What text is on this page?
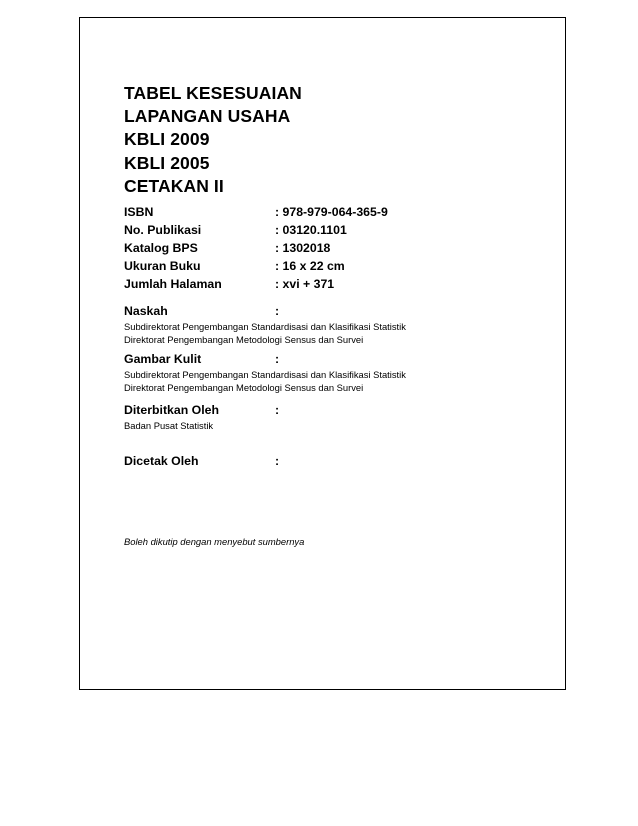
TABEL KESESUAIAN
LAPANGAN USAHA
KBLI 2009
KBLI 2005
CETAKAN II
ISBN	: 978-979-064-365-9
No. Publikasi	: 03120.1101
Katalog BPS	: 1302018
Ukuran Buku	: 16 x 22 cm
Jumlah Halaman	: xvi + 371
Naskah	:
Subdirektorat Pengembangan Standardisasi dan Klasifikasi Statistik
Direktorat Pengembangan Metodologi Sensus dan Survei
Gambar Kulit	:
Subdirektorat Pengembangan Standardisasi dan Klasifikasi Statistik
Direktorat Pengembangan Metodologi Sensus dan Survei
Diterbitkan Oleh	:
Badan Pusat Statistik
Dicetak Oleh	:
Boleh dikutip dengan menyebut sumbernya
